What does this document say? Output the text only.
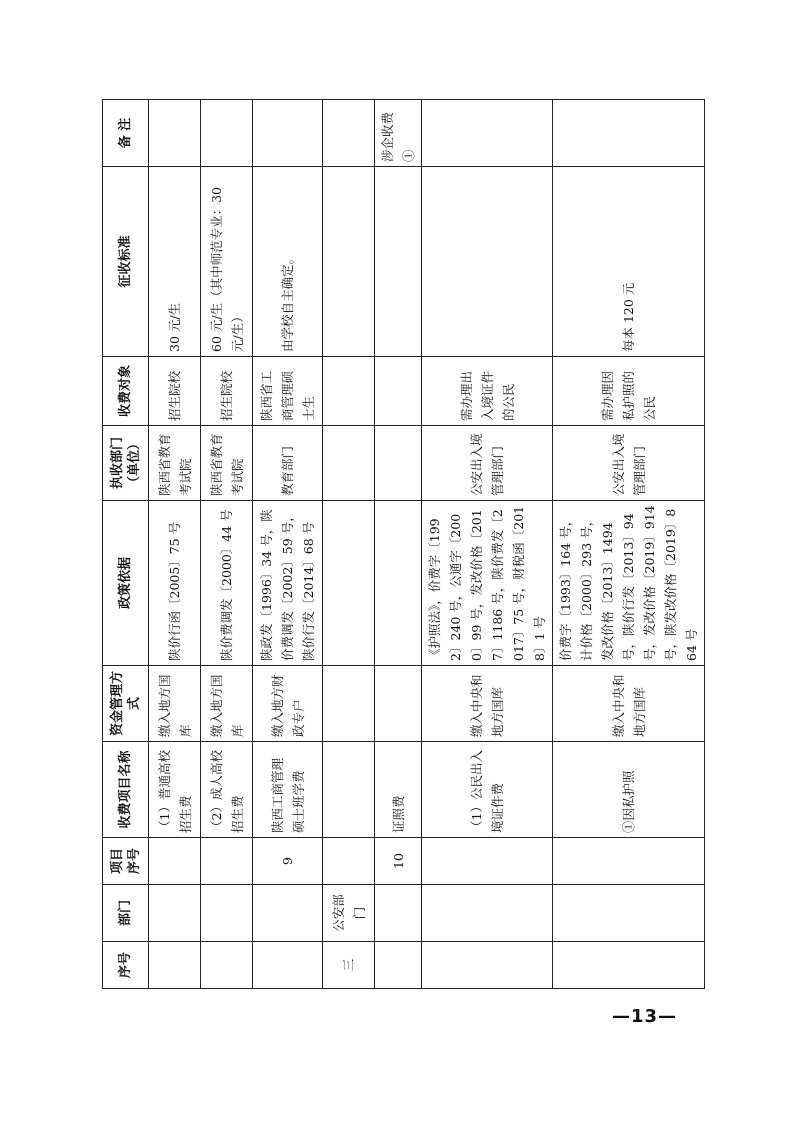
序号	部门	项目序号	收费项目名称	资金管理方式	政策依据	执收部门（单位）	收费对象	征收标准	备 注
			（1）普通高校招生费	缴入地方国库	陕价行函〔2005〕75 号	陕西省教育考试院	招生院校	30 元/生	
			（2）成人高校招生费	缴入地方国库	陕价费调发〔2000〕44 号	陕西省教育考试院	招生院校	60 元/生（其中师范专业：30 元/生）	
		9	陕西工商管理硕士班学费	缴入地方财政专户	陕政发〔1996〕34 号，陕价费调发〔2002〕59 号，陕价行发〔2014〕68 号	教育部门	陕西省工商管理硕士生	由学校自主确定。	
三	公安部门								
		10	证照费						涉企收费①
			（1）公民出入境证件费	缴入中央和地方国库	《护照法》，价费字〔1992〕240 号，公通字〔2000〕99 号，发改价格〔2017〕1186 号，陕价费发〔2017〕75 号，财税函〔2018〕1 号	公安出入境管理部门	需办理出入境证件的公民		
			①因私护照	缴入中央和地方国库	价费字〔1993〕164 号，计价格〔2000〕293 号，发改价格〔2013〕1494 号，陕价行发〔2013〕94 号，发改价格〔2019〕914 号，陕发改价格〔2019〕864 号	公安出入境管理部门	需办理因私护照的公民	每本 120 元	
—13—
